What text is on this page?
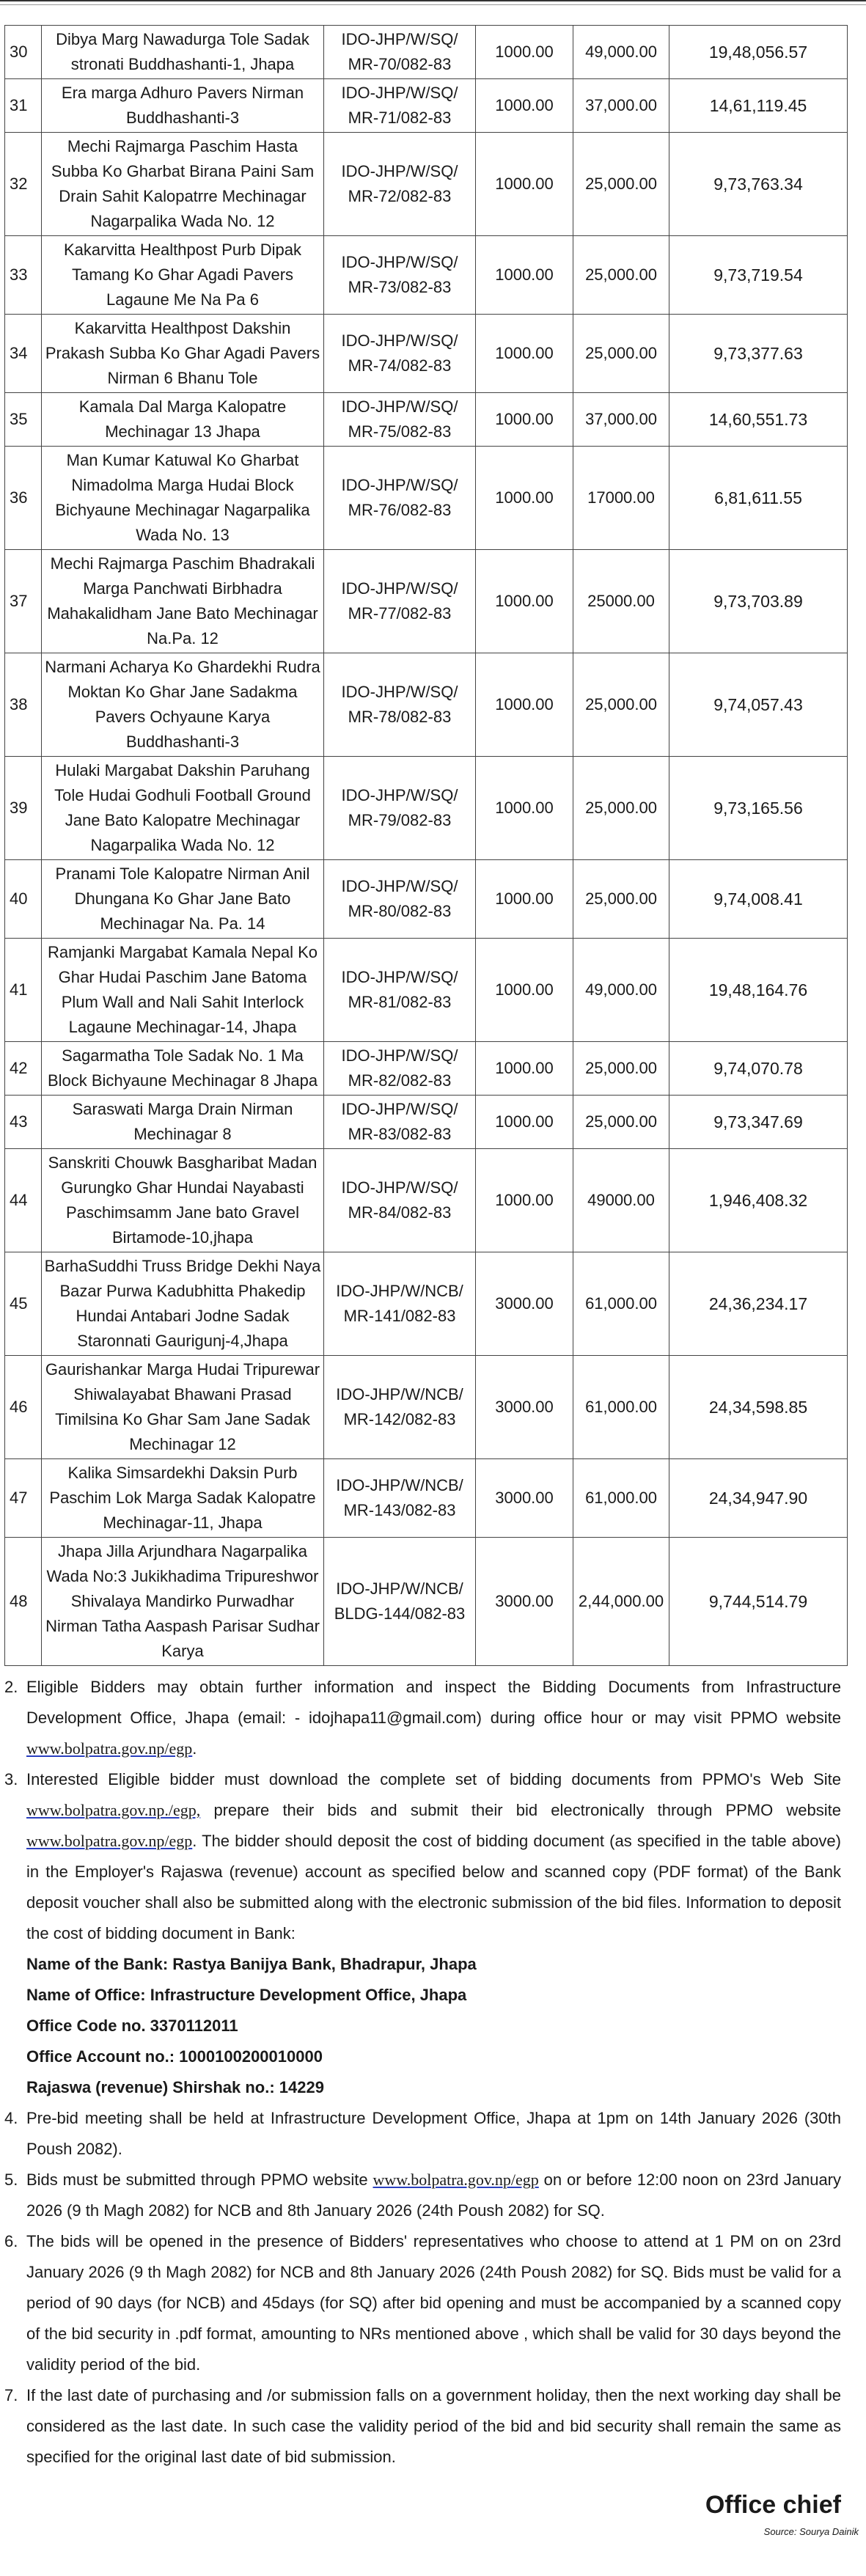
30	Dibya Marg Nawadurga Tole Sadak stronati Buddhashanti-1, Jhapa	IDO-JHP/W/SQ/ MR-70/082-83	1000.00	49,000.00	19,48,056.57
31	Era marga Adhuro Pavers Nirman Buddhashanti-3	IDO-JHP/W/SQ/ MR-71/082-83	1000.00	37,000.00	14,61,119.45
32	Mechi Rajmarga Paschim Hasta Subba Ko Gharbat Birana Paini Sam Drain Sahit Kalopatrre Mechinagar Nagarpalika Wada No. 12	IDO-JHP/W/SQ/ MR-72/082-83	1000.00	25,000.00	9,73,763.34
33	Kakarvitta Healthpost Purb Dipak Tamang Ko Ghar Agadi Pavers Lagaune Me Na Pa 6	IDO-JHP/W/SQ/ MR-73/082-83	1000.00	25,000.00	9,73,719.54
34	Kakarvitta Healthpost Dakshin Prakash Subba Ko Ghar Agadi Pavers Nirman 6 Bhanu Tole	IDO-JHP/W/SQ/ MR-74/082-83	1000.00	25,000.00	9,73,377.63
35	Kamala Dal Marga Kalopatre Mechinagar 13 Jhapa	IDO-JHP/W/SQ/ MR-75/082-83	1000.00	37,000.00	14,60,551.73
36	Man Kumar Katuwal Ko Gharbat Nimadolma Marga Hudai Block Bichyaune Mechinagar Nagarpalika Wada No. 13	IDO-JHP/W/SQ/ MR-76/082-83	1000.00	17000.00	6,81,611.55
37	Mechi Rajmarga Paschim Bhadrakali Marga Panchwati Birbhadra Mahakalidham Jane Bato Mechinagar Na.Pa. 12	IDO-JHP/W/SQ/ MR-77/082-83	1000.00	25000.00	9,73,703.89
38	Narmani Acharya Ko Ghardekhi Rudra Moktan Ko Ghar Jane Sadakma Pavers Ochyaune Karya Buddhashanti-3	IDO-JHP/W/SQ/ MR-78/082-83	1000.00	25,000.00	9,74,057.43
39	Hulaki Margabat Dakshin Paruhang Tole Hudai Godhuli Football Ground Jane Bato Kalopatre Mechinagar Nagarpalika Wada No. 12	IDO-JHP/W/SQ/ MR-79/082-83	1000.00	25,000.00	9,73,165.56
40	Pranami Tole Kalopatre Nirman Anil Dhungana Ko Ghar Jane Bato Mechinagar Na. Pa. 14	IDO-JHP/W/SQ/ MR-80/082-83	1000.00	25,000.00	9,74,008.41
41	Ramjanki Margabat Kamala Nepal Ko Ghar Hudai Paschim Jane Batoma Plum Wall and Nali Sahit Interlock Lagaune Mechinagar-14, Jhapa	IDO-JHP/W/SQ/ MR-81/082-83	1000.00	49,000.00	19,48,164.76
42	Sagarmatha Tole Sadak No. 1 Ma Block Bichyaune Mechinagar 8 Jhapa	IDO-JHP/W/SQ/ MR-82/082-83	1000.00	25,000.00	9,74,070.78
43	Saraswati Marga Drain Nirman Mechinagar 8	IDO-JHP/W/SQ/ MR-83/082-83	1000.00	25,000.00	9,73,347.69
44	Sanskriti Chouwk Basgharibat Madan Gurungko Ghar Hundai Nayabasti Paschimsamm Jane bato Gravel Birtamode-10,jhapa	IDO-JHP/W/SQ/ MR-84/082-83	1000.00	49000.00	1,946,408.32
45	BarhaSuddhi Truss Bridge Dekhi Naya Bazar Purwa Kadubhitta Phakedip Hundai Antabari Jodne Sadak Staronnati Gaurigunj-4,Jhapa	IDO-JHP/W/NCB/ MR-141/082-83	3000.00	61,000.00	24,36,234.17
46	Gaurishankar Marga Hudai Tripurewar Shiwalayabat Bhawani Prasad Timilsina Ko Ghar Sam Jane Sadak Mechinagar 12	IDO-JHP/W/NCB/ MR-142/082-83	3000.00	61,000.00	24,34,598.85
47	Kalika Simsardekhi Daksin Purb Paschim Lok Marga Sadak Kalopatre Mechinagar-11, Jhapa	IDO-JHP/W/NCB/ MR-143/082-83	3000.00	61,000.00	24,34,947.90
48	Jhapa Jilla Arjundhara Nagarpalika Wada No:3 Jukikhadima Tripureshwor Shivalaya Mandirko Purwadhar Nirman Tatha Aaspash Parisar Sudhar Karya	IDO-JHP/W/NCB/ BLDG-144/082-83	3000.00	2,44,000.00	9,744,514.79
2. Eligible Bidders may obtain further information and inspect the Bidding Documents from Infrastructure Development Office, Jhapa (email: - idojhapa11@gmail.com) during office hour or may visit PPMO website www.bolpatra.gov.np/egp.
3. Interested Eligible bidder must download the complete set of bidding documents from PPMO's Web Site www.bolpatra.gov.np./egp, prepare their bids and submit their bid electronically through PPMO website www.bolpatra.gov.np/egp. The bidder should deposit the cost of bidding document (as specified in the table above) in the Employer's Rajaswa (revenue) account as specified below and scanned copy (PDF format) of the Bank deposit voucher shall also be submitted along with the electronic submission of the bid files. Information to deposit the cost of bidding document in Bank:
Name of the Bank: Rastya Banijya Bank, Bhadrapur, Jhapa
Name of Office: Infrastructure Development Office, Jhapa
Office Code no. 3370112011
Office Account no.: 1000100200010000
Rajaswa (revenue) Shirshak no.: 14229
4. Pre-bid meeting shall be held at Infrastructure Development Office, Jhapa at 1pm on 14th January 2026 (30th Poush 2082).
5. Bids must be submitted through PPMO website www.bolpatra.gov.np/egp on or before 12:00 noon on 23rd January 2026 (9 th Magh 2082) for NCB and 8th January 2026 (24th Poush 2082) for SQ.
6. The bids will be opened in the presence of Bidders' representatives who choose to attend at 1 PM on on 23rd January 2026 (9 th Magh 2082) for NCB and 8th January 2026 (24th Poush 2082) for SQ. Bids must be valid for a period of 90 days (for NCB) and 45days (for SQ) after bid opening and must be accompanied by a scanned copy of the bid security in .pdf format, amounting to NRs mentioned above , which shall be valid for 30 days beyond the validity period of the bid.
7. If the last date of purchasing and /or submission falls on a government holiday, then the next working day shall be considered as the last date. In such case the validity period of the bid and bid security shall remain the same as specified for the original last date of bid submission.
Office chief
Source: Sourya Dainik
